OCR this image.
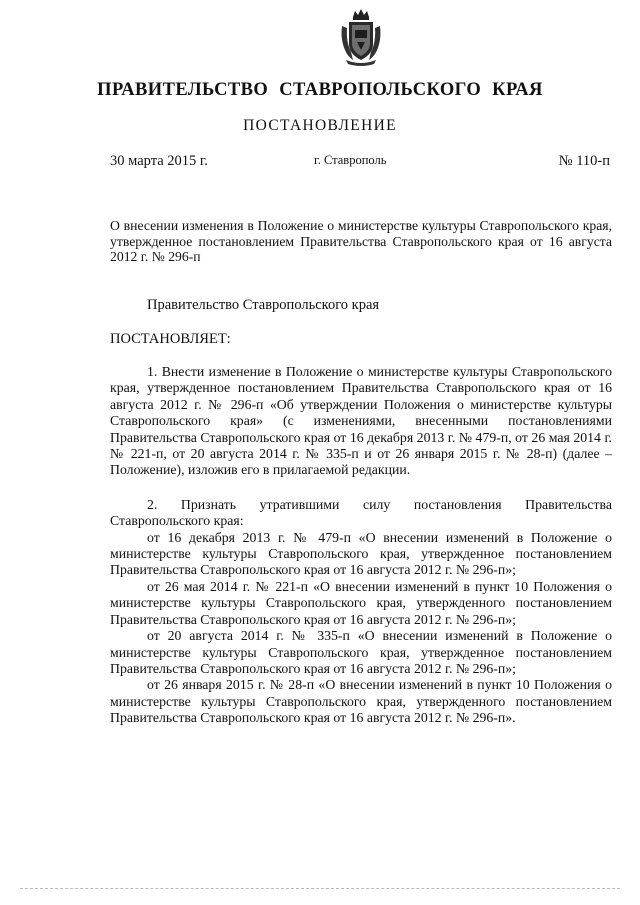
ПРАВИТЕЛЬСТВО СТАВРОПОЛЬСКОГО КРАЯ
ПОСТАНОВЛЕНИЕ
30 марта 2015 г.	г. Ставрополь	№ 110-п
О внесении изменения в Положение о министерстве культуры Ставропольского края, утвержденное постановлением Правительства Ставропольского края от 16 августа 2012 г. № 296-п
Правительство Ставропольского края
ПОСТАНОВЛЯЕТ:

1. Внести изменение в Положение о министерстве культуры Ставропольского края, утвержденное постановлением Правительства Ставропольского края от 16 августа 2012 г. № 296-п «Об утверждении Положения о министерстве культуры Ставропольского края» (с изменениями, внесенными постановлениями Правительства Ставропольского края от 16 декабря 2013 г. № 479-п, от 26 мая 2014 г. № 221-п, от 20 августа 2014 г. № 335-п и от 26 января 2015 г. № 28-п) (далее – Положение), изложив его в прилагаемой редакции.

2. Признать утратившими силу постановления Правительства Ставропольского края:

от 16 декабря 2013 г. № 479-п «О внесении изменений в Положение о министерстве культуры Ставропольского края, утвержденное постановлением Правительства Ставропольского края от 16 августа 2012 г. № 296-п»;

от 26 мая 2014 г. № 221-п «О внесении изменений в пункт 10 Положения о министерстве культуры Ставропольского края, утвержденного постановлением Правительства Ставропольского края от 16 августа 2012 г. № 296-п»;

от 20 августа 2014 г. № 335-п «О внесении изменений в Положение о министерстве культуры Ставропольского края, утвержденное постановлением Правительства Ставропольского края от 16 августа 2012 г. № 296-п»;

от 26 января 2015 г. № 28-п «О внесении изменений в пункт 10 Положения о министерстве культуры Ставропольского края, утвержденного постановлением Правительства Ставропольского края от 16 августа 2012 г. № 296-п».
